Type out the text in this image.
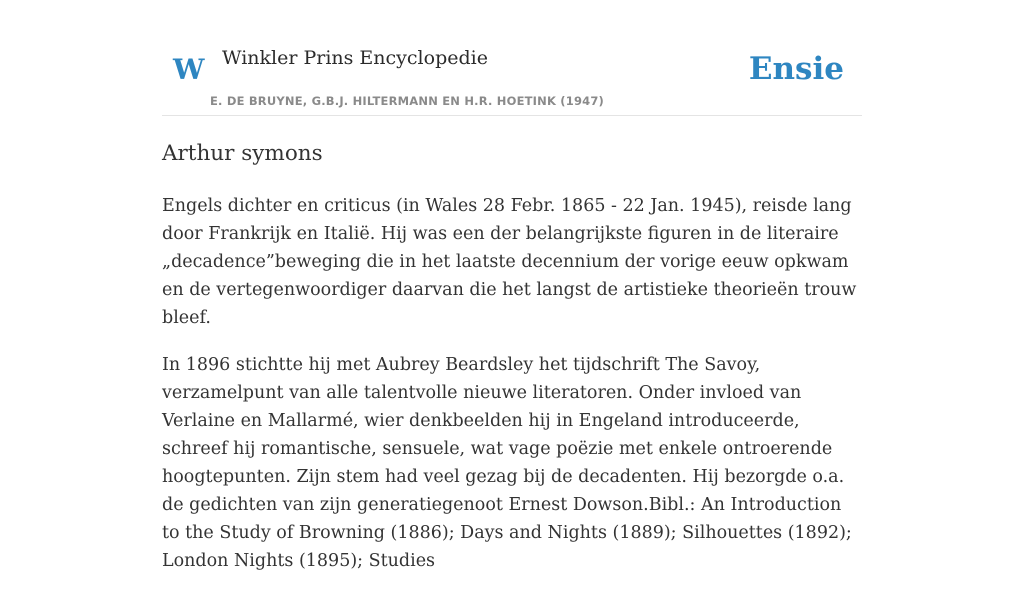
W Winkler Prins Encyclopedie
E. DE BRUYNE, G.B.J. HILTERMANN EN H.R. HOETINK (1947)
Ensie
Arthur symons

Engels dichter en criticus (in Wales 28 Febr. 1865 - 22 Jan. 1945), reisde lang door Frankrijk en Italië. Hij was een der belangrijkste figuren in de literaire „decadence”beweging die in het laatste decennium der vorige eeuw opkwam en de vertegenwoordiger daarvan die het langst de artistieke theorieën trouw bleef.

In 1896 stichtte hij met Aubrey Beardsley het tijdschrift The Savoy, verzamelpunt van alle talentvolle nieuwe literatoren. Onder invloed van Verlaine en Mallarmé, wier denkbeelden hij in Engeland introduceerde, schreef hij romantische, sensuele, wat vage poëzie met enkele ontroerende hoogtepunten. Zijn stem had veel gezag bij de decadenten. Hij bezorgde o.a. de gedichten van zijn generatiegenoot Ernest Dowson.Bibl.: An Introduction to the Study of Browning (1886); Days and Nights (1889); Silhouettes (1892); London Nights (1895); Studies
